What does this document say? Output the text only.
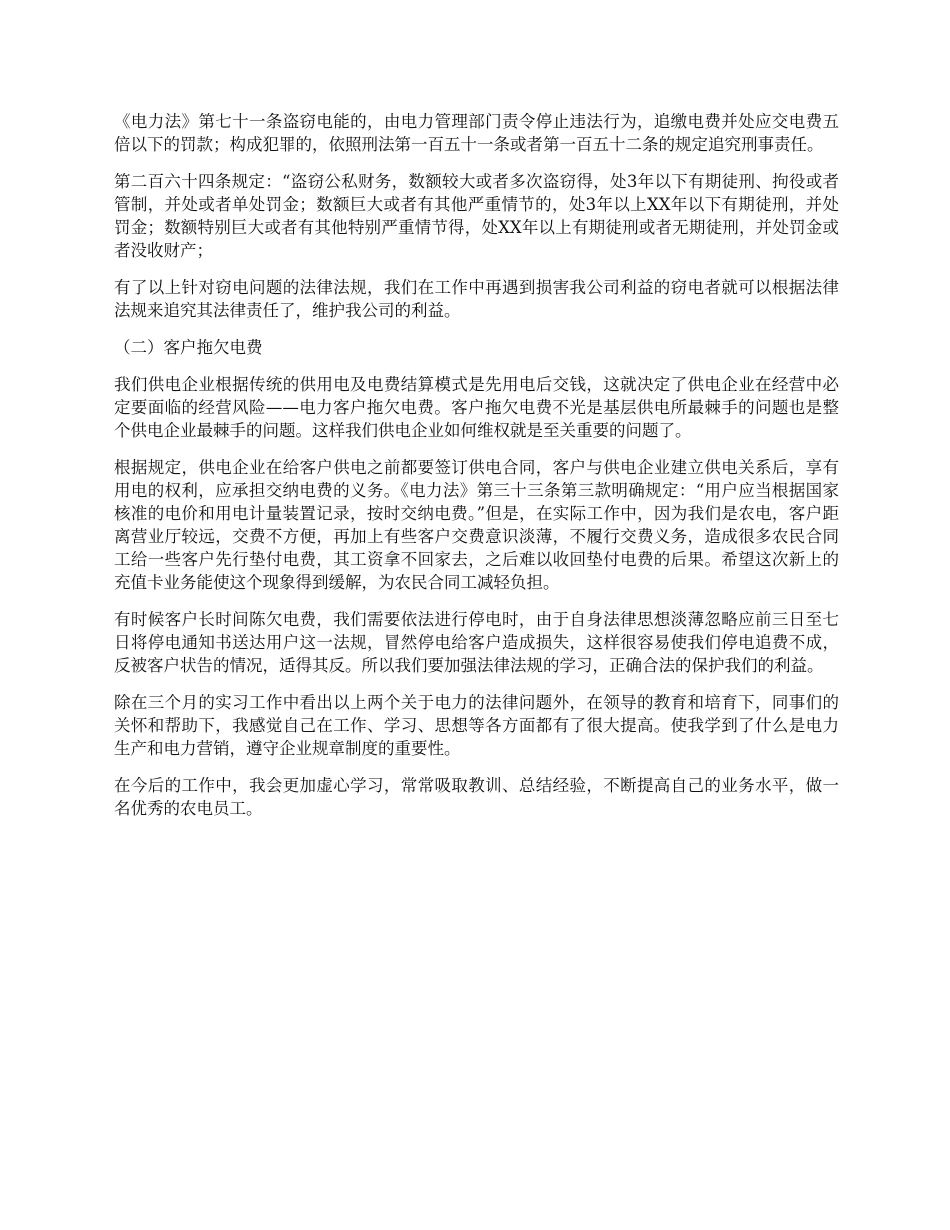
《电力法》第七十一条盗窃电能的，由电力管理部门责令停止违法行为，追缴电费并处应交电费五倍以下的罚款；构成犯罪的，依照刑法第一百五十一条或者第一百五十二条的规定追究刑事责任。

第二百六十四条规定：“盗窃公私财务，数额较大或者多次盗窃得，处3年以下有期徒刑、拘役或者管制，并处或者单处罚金；数额巨大或者有其他严重情节的，处3年以上XX年以下有期徒刑，并处罚金；数额特别巨大或者有其他特别严重情节得，处XX年以上有期徒刑或者无期徒刑，并处罚金或者没收财产；

有了以上针对窃电问题的法律法规，我们在工作中再遇到损害我公司利益的窃电者就可以根据法律法规来追究其法律责任了，维护我公司的利益。

（二）客户拖欠电费

我们供电企业根据传统的供用电及电费结算模式是先用电后交钱，这就决定了供电企业在经营中必定要面临的经营风险——电力客户拖欠电费。客户拖欠电费不光是基层供电所最棘手的问题也是整个供电企业最棘手的问题。这样我们供电企业如何维权就是至关重要的问题了。

根据规定，供电企业在给客户供电之前都要签订供电合同，客户与供电企业建立供电关系后，享有用电的权利，应承担交纳电费的义务。《电力法》第三十三条第三款明确规定：“用户应当根据国家核准的电价和用电计量装置记录，按时交纳电费。”但是，在实际工作中，因为我们是农电，客户距离营业厅较远，交费不方便，再加上有些客户交费意识淡薄，不履行交费义务，造成很多农民合同工给一些客户先行垫付电费，其工资拿不回家去，之后难以收回垫付电费的后果。希望这次新上的充值卡业务能使这个现象得到缓解，为农民合同工减轻负担。

有时候客户长时间陈欠电费，我们需要依法进行停电时，由于自身法律思想淡薄忽略应前三日至七日将停电通知书送达用户这一法规，冒然停电给客户造成损失，这样很容易使我们停电追费不成，反被客户状告的情况，适得其反。所以我们要加强法律法规的学习，正确合法的保护我们的利益。

除在三个月的实习工作中看出以上两个关于电力的法律问题外，在领导的教育和培育下，同事们的关怀和帮助下，我感觉自己在工作、学习、思想等各方面都有了很大提高。使我学到了什么是电力生产和电力营销，遵守企业规章制度的重要性。

在今后的工作中，我会更加虚心学习，常常吸取教训、总结经验，不断提高自己的业务水平，做一名优秀的农电员工。
